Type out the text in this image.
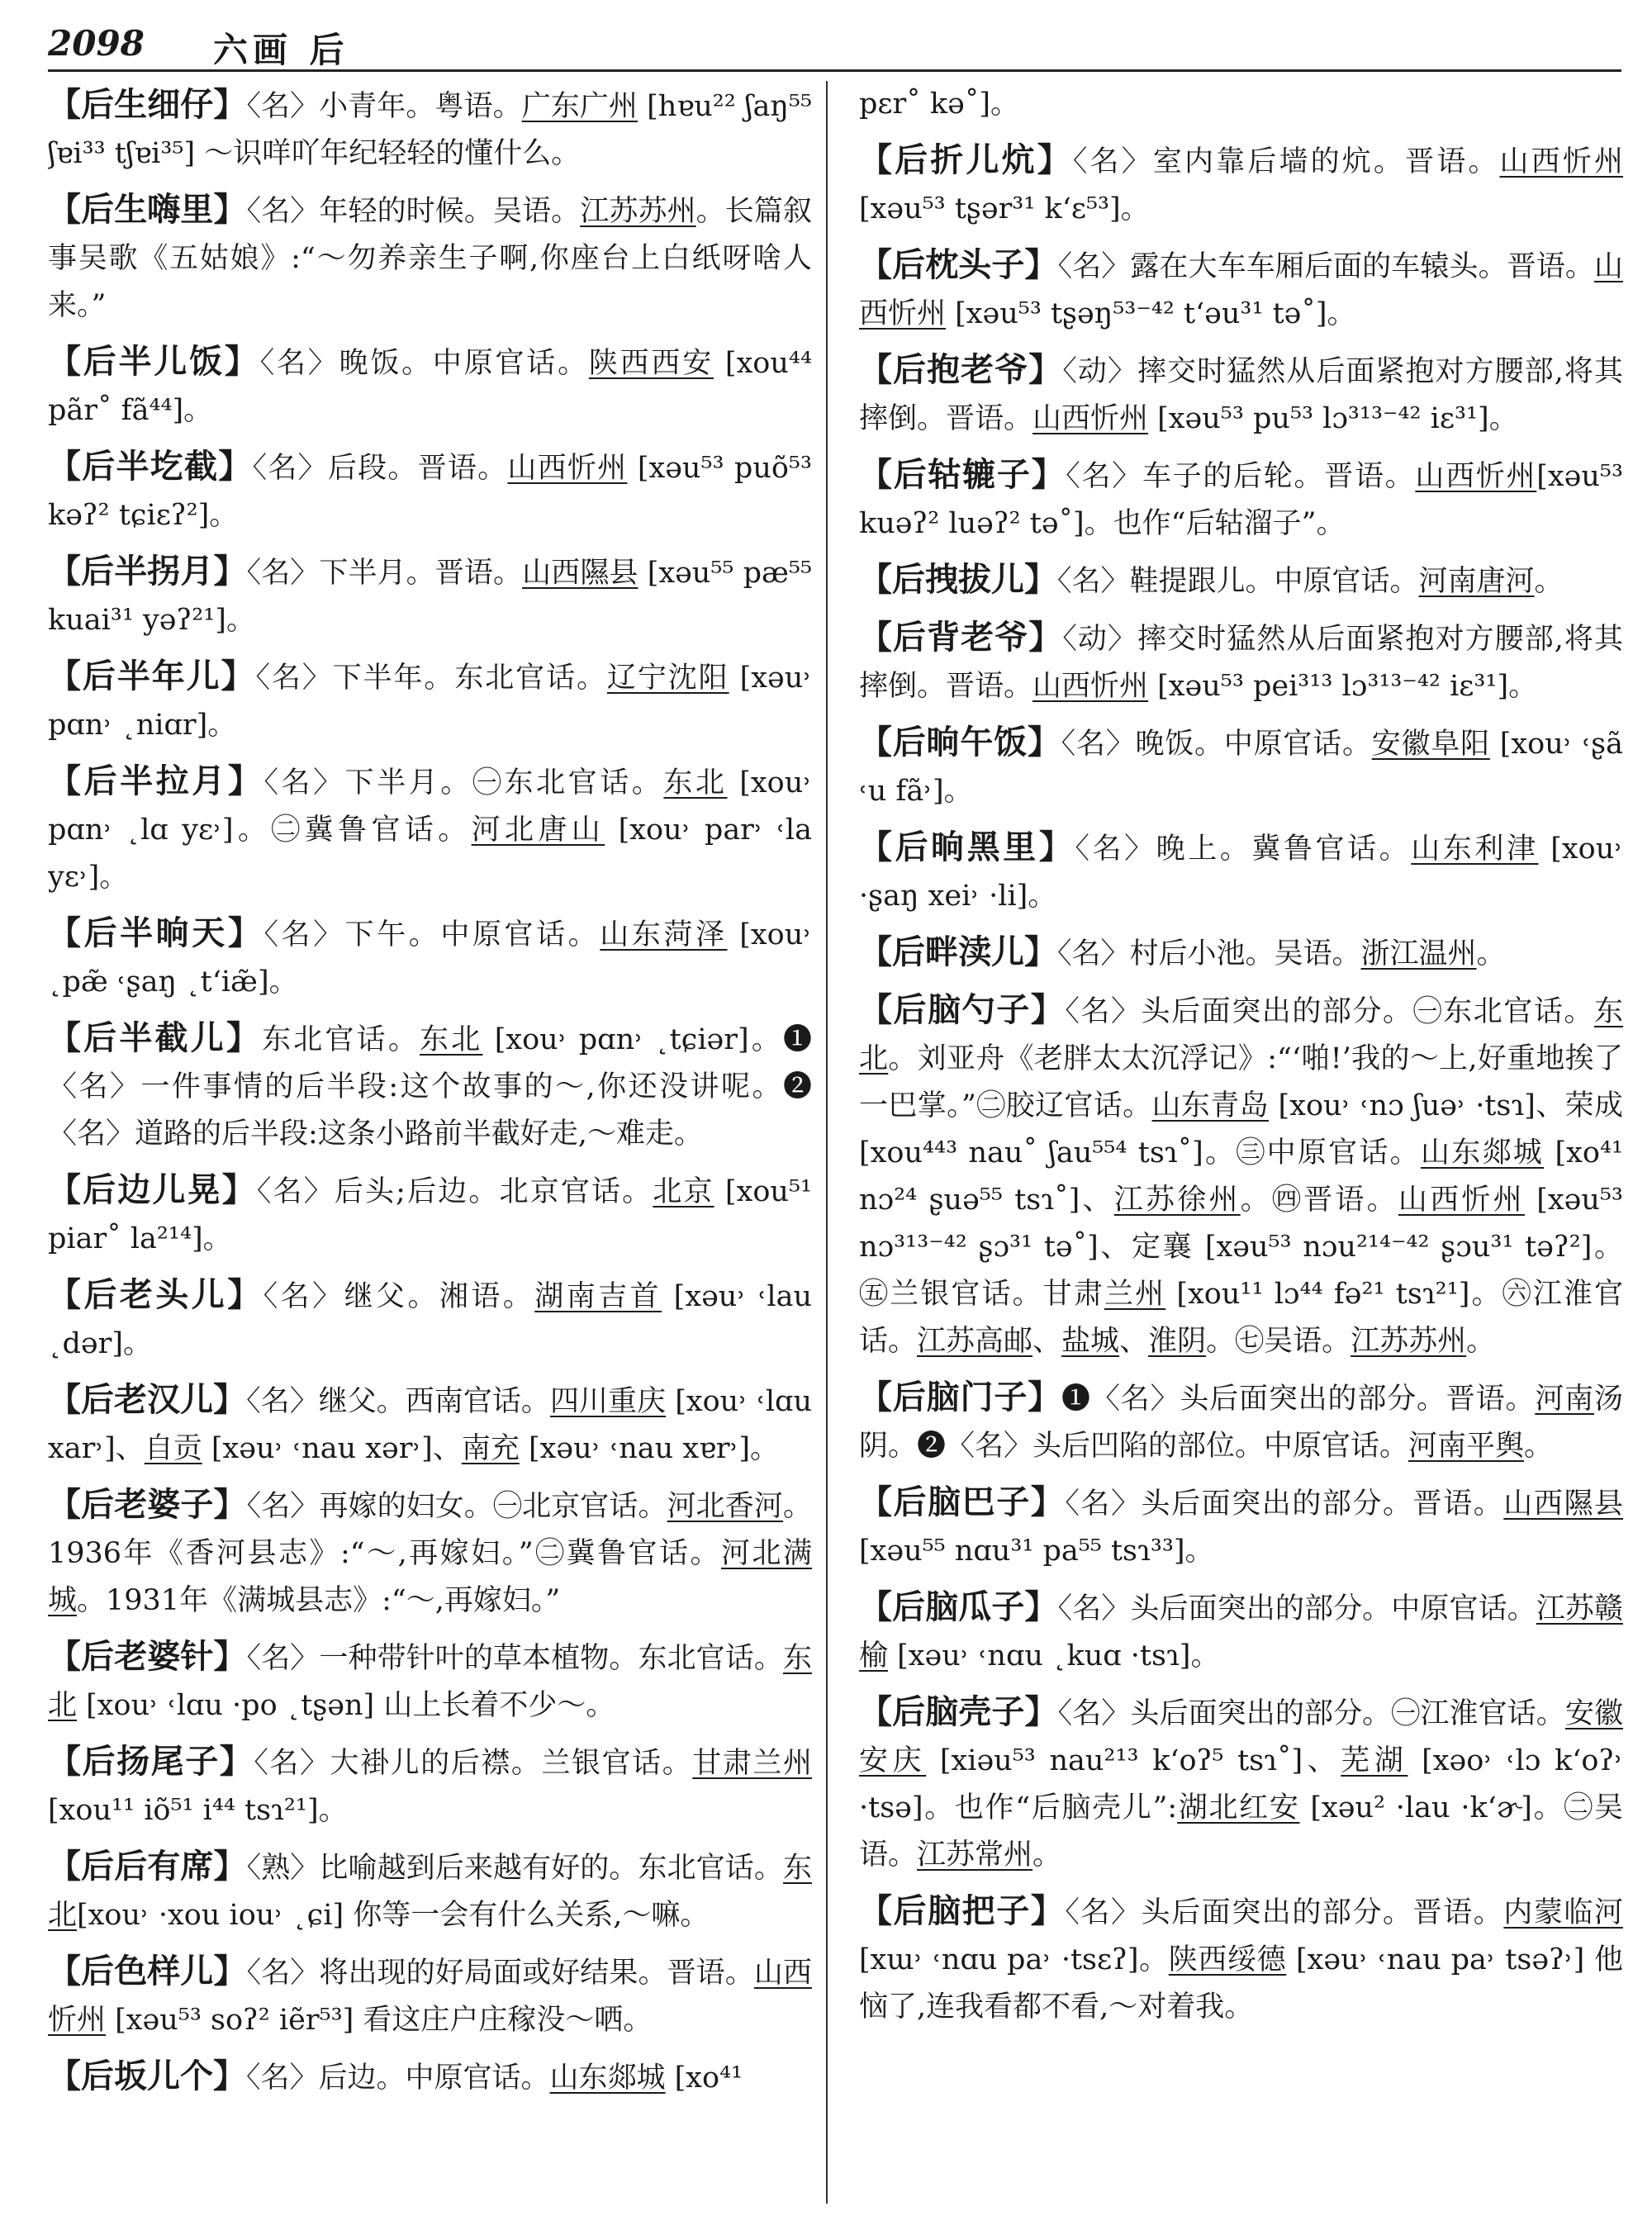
2098 六画 后

【后生细仔】〈名〉小青年。粤语。广东广州 [hɐu²² ʃaŋ⁵⁵ ʃɐi³³ tʃɐi³⁵] ～识咩吖年纪轻轻的懂什么。

【后生嗨里】〈名〉年轻的时候。吴语。江苏苏州。长篇叙事吴歌《五姑娘》:“～勿养亲生子啊,你座台上白纸呀啥人来。”

【后半儿饭】〈名〉晚饭。中原官话。陕西西安 [xou⁴⁴ pãr˚ fã⁴⁴]。

【后半圪截】〈名〉后段。晋语。山西忻州 [xəu⁵³ puõ⁵³ kəʔ² tɕiɛʔ²]。

【后半拐月】〈名〉下半月。晋语。山西隰县 [xəu⁵⁵ pæ⁵⁵ kuai³¹ yəʔ²¹]。

【后半年儿】〈名〉下半年。东北官话。辽宁沈阳 [xəu˒ pɑn˒ ˛niɑr]。

【后半拉月】〈名〉下半月。㊀东北官话。东北 [xou˒ pɑn˒ ˛lɑ yɛ˒]。㊁冀鲁官话。河北唐山 [xou˒ par˒ ˓la yɛ˒]。

【后半晌天】〈名〉下午。中原官话。山东菏泽 [xou˒ ˛pæ̃ ˓ʂaŋ ˛t‘iæ̃]。

【后半截儿】东北官话。东北 [xou˒ pɑn˒ ˛tɕiər]。❶〈名〉一件事情的后半段:这个故事的～,你还没讲呢。❷〈名〉道路的后半段:这条小路前半截好走,～难走。

【后边儿晃】〈名〉后头;后边。北京官话。北京 [xou⁵¹ piar˚ la²¹⁴]。

【后老头儿】〈名〉继父。湘语。湖南吉首 [xəu˒ ˓lau ˛dər]。

【后老汉儿】〈名〉继父。西南官话。四川重庆 [xou˒ ˓lɑu xar˒]、自贡 [xəu˒ ˓nau xər˒]、南充 [xəu˒ ˓nau xɐr˒]。

【后老婆子】〈名〉再嫁的妇女。㊀北京官话。河北香河。1936年《香河县志》:“～,再嫁妇。”㊁冀鲁官话。河北满城。1931年《满城县志》:“～,再嫁妇。”

【后老婆针】〈名〉一种带针叶的草本植物。东北官话。东北 [xou˒ ˓lɑu ·po ˛tʂən] 山上长着不少～。

【后扬尾子】〈名〉大褂儿的后襟。兰银官话。甘肃兰州 [xou¹¹ iõ⁵¹ i⁴⁴ tsɿ²¹]。

【后后有席】〈熟〉比喻越到后来越有好的。东北官话。东北[xou˒ ·xou iou˒ ˛ɕi] 你等一会有什么关系,～嘛。

【后色样儿】〈名〉将出现的好局面或好结果。晋语。山西忻州 [xəu⁵³ soʔ² iẽr⁵³] 看这庄户庄稼没～哂。

【后坂儿个】〈名〉后边。中原官话。山东郯城 [xo⁴¹

pɛr˚ kə˚]。

【后折儿炕】〈名〉室内靠后墙的炕。晋语。山西忻州 [xəu⁵³ tʂər³¹ k‘ɛ⁵³]。

【后枕头子】〈名〉露在大车车厢后面的车辕头。晋语。山西忻州 [xəu⁵³ tʂəŋ⁵³⁻⁴² t‘əu³¹ tə˚]。

【后抱老爷】〈动〉摔交时猛然从后面紧抱对方腰部,将其摔倒。晋语。山西忻州 [xəu⁵³ pu⁵³ lɔ³¹³⁻⁴² iɛ³¹]。

【后轱辘子】〈名〉车子的后轮。晋语。山西忻州[xəu⁵³ kuəʔ² luəʔ² tə˚]。也作“后轱溜子”。

【后拽拔儿】〈名〉鞋提跟儿。中原官话。河南唐河。

【后背老爷】〈动〉摔交时猛然从后面紧抱对方腰部,将其摔倒。晋语。山西忻州 [xəu⁵³ pei³¹³ lɔ³¹³⁻⁴² iɛ³¹]。

【后晌午饭】〈名〉晚饭。中原官话。安徽阜阳 [xou˒ ˓ʂã ˓u fã˒]。

【后晌黑里】〈名〉晚上。冀鲁官话。山东利津 [xou˒ ·ʂaŋ xei˒ ·li]。

【后畔渎儿】〈名〉村后小池。吴语。浙江温州。

【后脑勺子】〈名〉头后面突出的部分。㊀东北官话。东北。刘亚舟《老胖太太沉浮记》:“‘啪!’我的～上,好重地挨了一巴掌。”㊁胶辽官话。山东青岛 [xou˒ ˓nɔ ʃuə˒ ·tsɿ]、荣成 [xou⁴⁴³ nau˚ ʃau⁵⁵⁴ tsɿ˚]。㊂中原官话。山东郯城 [xo⁴¹ nɔ²⁴ ʂuə⁵⁵ tsɿ˚]、江苏徐州。㊃晋语。山西忻州 [xəu⁵³ nɔ³¹³⁻⁴² ʂɔ³¹ tə˚]、定襄 [xəu⁵³ nɔu²¹⁴⁻⁴² ʂɔu³¹ təʔ²]。㊄兰银官话。甘肃兰州 [xou¹¹ lɔ⁴⁴ fə²¹ tsɿ²¹]。㊅江淮官话。江苏高邮、盐城、淮阴。㊆吴语。江苏苏州。

【后脑门子】❶〈名〉头后面突出的部分。晋语。河南汤阴。❷〈名〉头后凹陷的部位。中原官话。河南平舆。

【后脑巴子】〈名〉头后面突出的部分。晋语。山西隰县 [xəu⁵⁵ nɑu³¹ pa⁵⁵ tsɿ³³]。

【后脑瓜子】〈名〉头后面突出的部分。中原官话。江苏赣榆 [xəu˒ ˓nɑu ˛kuɑ ·tsɿ]。

【后脑壳子】〈名〉头后面突出的部分。㊀江淮官话。安徽安庆 [xiəu⁵³ nau²¹³ k‘oʔ⁵ tsɿ˚]、芜湖 [xəo˒ ˓lɔ k‘oʔ˒ ·tsə]。也作“后脑壳儿”:湖北红安 [xəu² ·lau ·k‘ɚ]。㊁吴语。江苏常州。

【后脑把子】〈名〉头后面突出的部分。晋语。内蒙临河[xɯ˒ ˓nɑu pa˒ ·tsɛʔ]。陕西绥德 [xəu˒ ˓nau pa˒ tsəʔ˒] 他恼了,连我看都不看,～对着我。
